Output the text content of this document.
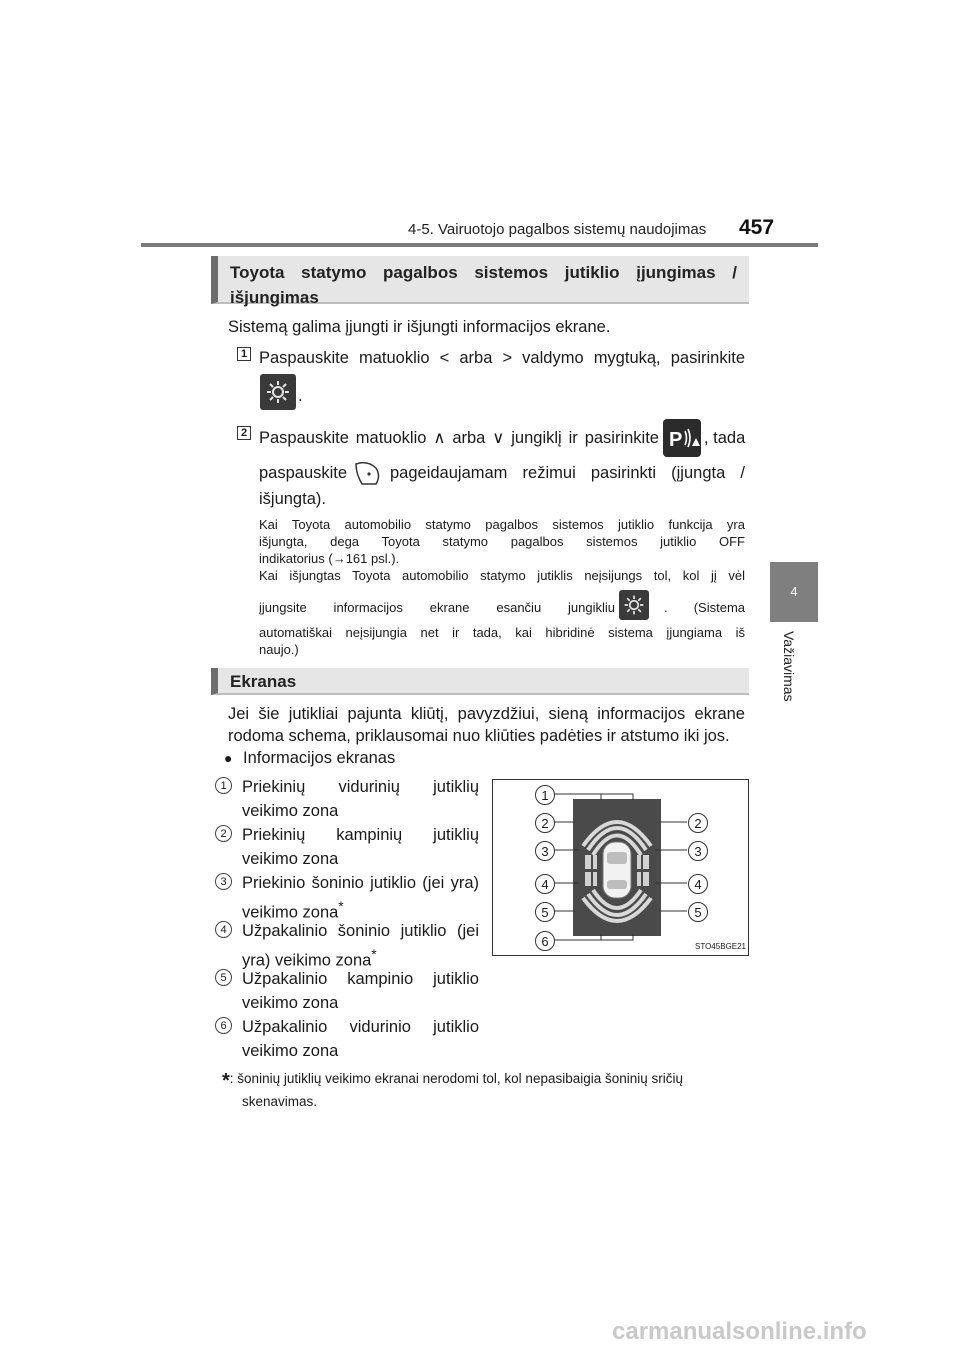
4-5. Vairuotojo pagalbos sistemų naudojimas 457
4
Važiavimas
Toyota statymo pagalbos sistemos jutiklio įjungimas /
išjungimas
Sistemą galima įjungti ir išjungti informacijos ekrane.
1 Paspauskite matuoklio < arba > valdymo mygtuką, pasirinkite
.
2 Paspauskite matuoklio ∧ arba ∨ jungiklį ir pasirinkite P , tada
paspauskite	pageidaujamam režimui pasirinkti (įjungta /
išjungta).
Kai Toyota automobilio statymo pagalbos sistemos jutiklio funkcija yra
išjungta, dega Toyota statymo pagalbos sistemos jutiklio OFF
indikatorius (→161 psl.).
Kai išjungtas Toyota automobilio statymo jutiklis neįsijungs tol, kol jį vėl
įjungsite informacijos ekrane esančiu jungikliu	. (Sistema
automatiškai neįsijungia net ir tada, kai hibridinė sistema įjungiama iš
naujo.)
Ekranas
Jei šie jutikliai pajunta kliūtį, pavyzdžiui, sieną informacijos ekrane
rodoma schema, priklausomai nuo kliūties padėties ir atstumo iki jos.
● Informacijos ekranas
1 Priekinių vidurinių jutiklių
veikimo zona
2 Priekinių kampinių jutiklių
veikimo zona
3 Priekinio šoninio jutiklio (jei yra)
veikimo zona*
4 Užpakalinio šoninio jutiklio (jei
yra) veikimo zona*
5 Užpakalinio kampinio jutiklio
veikimo zona
6 Užpakalinio vidurinio jutiklio
veikimo zona
1
2
3
4
5
6
2
3
4
5
STO45BGE21
*: šoninių jutiklių veikimo ekranai nerodomi tol, kol nepasibaigia šoninių sričių
skenavimas.
carmanualsonline.info
